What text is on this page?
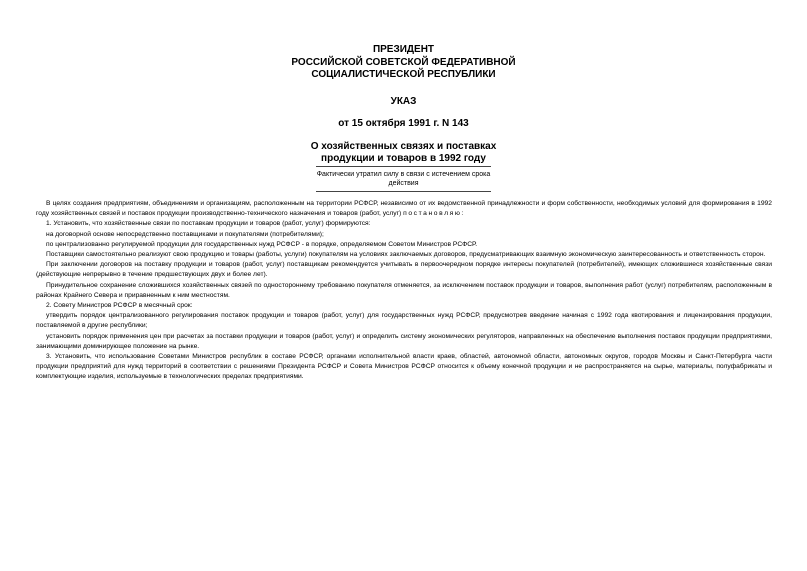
ПРЕЗИДЕНТ
РОССИЙСКОЙ СОВЕТСКОЙ ФЕДЕРАТИВНОЙ
СОЦИАЛИСТИЧЕСКОЙ РЕСПУБЛИКИ
УКАЗ
от 15 октября 1991 г. N 143
О хозяйственных связях и поставках
продукции и товаров в 1992 году
Фактически утратил силу в связи с истечением срока действия

В целях создания предприятиям, объединениям и организациям, расположенным на территории РСФСР, независимо от их ведомственной принадлежности и форм собственности, необходимых условий для формирования в 1992 году хозяйственных связей и поставок продукции производственно-технического назначения и товаров (работ, услуг) постановляю:

1. Установить, что хозяйственные связи по поставкам продукции и товаров (работ, услуг) формируются:

на договорной основе непосредственно поставщиками и покупателями (потребителями);

по централизованно регулируемой продукции для государственных нужд РСФСР - в порядке, определяемом Советом Министров РСФСР.

Поставщики самостоятельно реализуют свою продукцию и товары (работы, услуги) покупателям на условиях заключаемых договоров, предусматривающих взаимную экономическую заинтересованность и ответственность сторон.

При заключении договоров на поставку продукции и товаров (работ, услуг) поставщикам рекомендуется учитывать в первоочередном порядке интересы покупателей (потребителей), имеющих сложившиеся хозяйственные связи (действующие непрерывно в течение предшествующих двух и более лет).

Принудительное сохранение сложившихся хозяйственных связей по одностороннему требованию покупателя отменяется, за исключением поставок продукции и товаров, выполнения работ (услуг) потребителям, расположенным в районах Крайнего Севера и приравненным к ним местностям.

2. Совету Министров РСФСР в месячный срок:

утвердить порядок централизованного регулирования поставок продукции и товаров (работ, услуг) для государственных нужд РСФСР, предусмотрев введение начиная с 1992 года квотирования и лицензирования продукции, поставляемой в другие республики;

установить порядок применения цен при расчетах за поставки продукции и товаров (работ, услуг) и определить систему экономических регуляторов, направленных на обеспечение выполнения поставок продукции предприятиями, занимающими доминирующее положение на рынке.

3. Установить, что использование Советами Министров республик в составе РСФСР, органами исполнительной власти краев, областей, автономной области, автономных округов, городов Москвы и Санкт-Петербурга части продукции предприятий для нужд территорий в соответствии с решениями Президента РСФСР и Совета Министров РСФСР относится к объему конечной продукции и не распространяется на сырье, материалы, полуфабрикаты и комплектующие изделия, используемые в технологических пределах предприятиями.
